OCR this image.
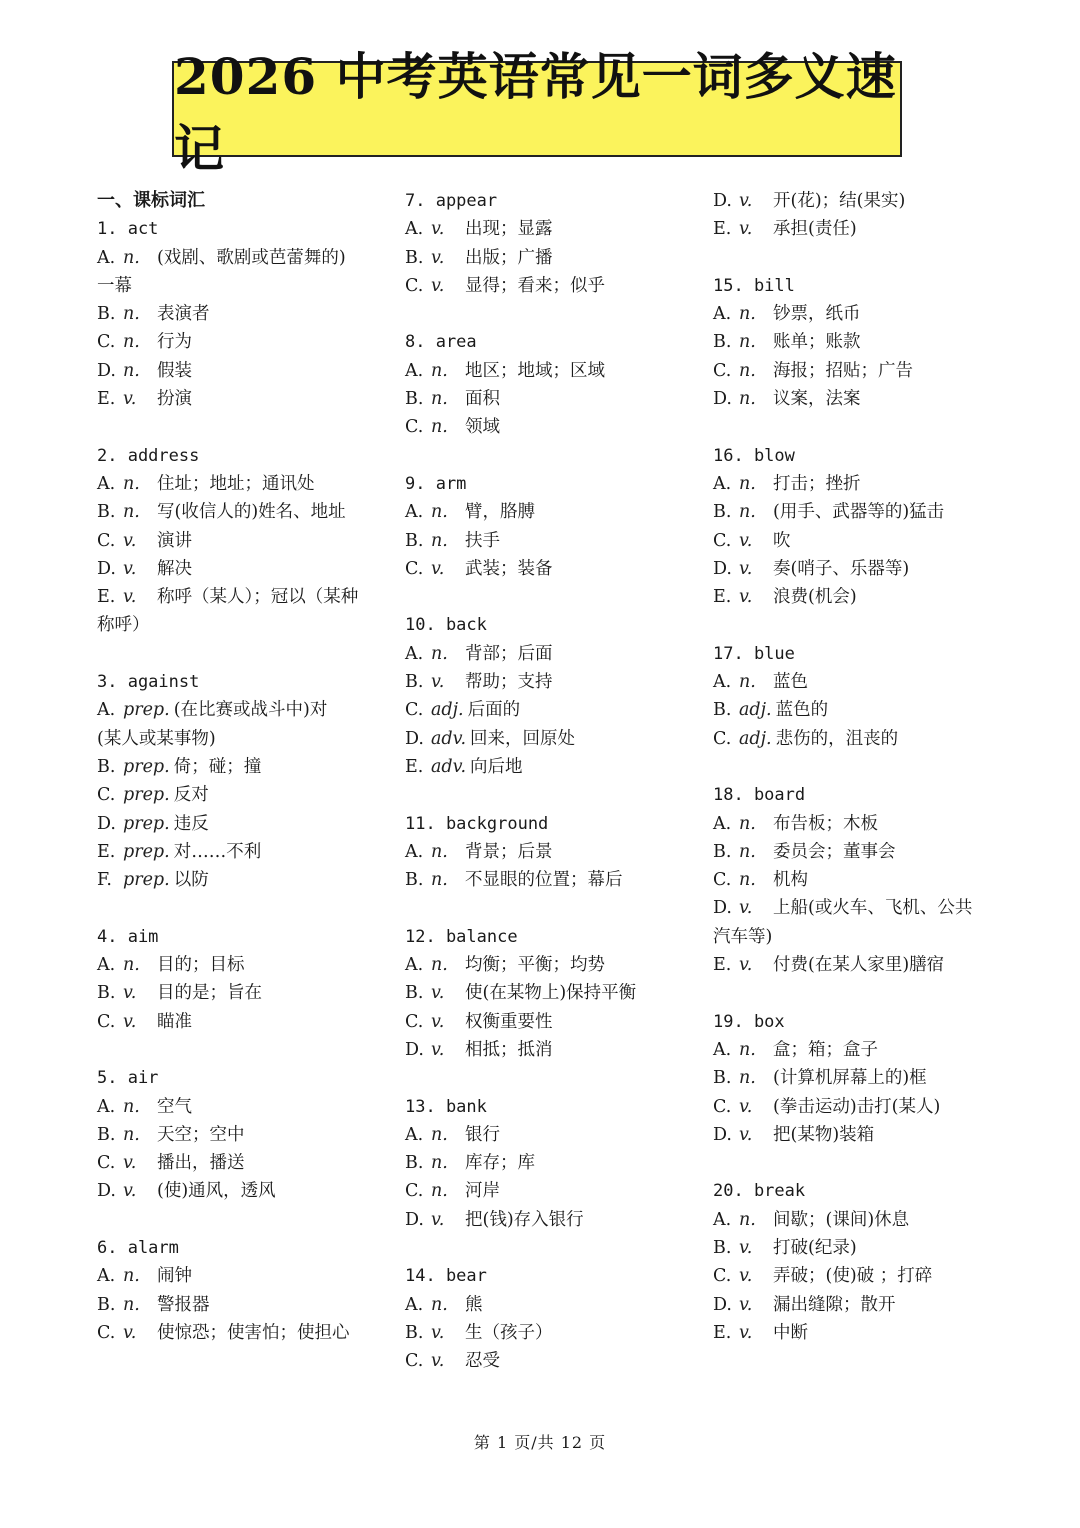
2026 中考英语常见一词多义速记
一、课标词汇
1. act
A. n. (戏剧、歌剧或芭蕾舞的)
一幕
B. n. 表演者
C. n. 行为
D. n. 假装
E. v. 扮演
2. address
A. n. 住址；地址；通讯处
B. n. 写(收信人的)姓名、地址
C. v. 演讲
D. v. 解决
E. v. 称呼（某人）；冠以（某种
称呼）
3. against
A. prep. (在比赛或战斗中)对
(某人或某事物)
B. prep. 倚；碰；撞
C. prep. 反对
D. prep. 违反
E. prep. 对……不利
F. prep. 以防
4. aim
A. n. 目的；目标
B. v. 目的是；旨在
C. v. 瞄准
5. air
A. n. 空气
B. n. 天空；空中
C. v. 播出，播送
D. v. (使)通风，透风
6. alarm
A. n. 闹钟
B. n. 警报器
C. v. 使惊恐；使害怕；使担心
7. appear
A. v. 出现；显露
B. v. 出版；广播
C. v. 显得；看来；似乎
8. area
A. n. 地区；地域；区域
B. n. 面积
C. n. 领域
9. arm
A. n. 臂，胳膊
B. n. 扶手
C. v. 武装；装备
10. back
A. n. 背部；后面
B. v. 帮助；支持
C. adj. 后面的
D. adv. 回来，回原处
E. adv. 向后地
11. background
A. n. 背景；后景
B. n. 不显眼的位置；幕后
12. balance
A. n. 均衡；平衡；均势
B. v. 使(在某物上)保持平衡
C. v. 权衡重要性
D. v. 相抵；抵消
13. bank
A. n. 银行
B. n. 库存；库
C. n. 河岸
D. v. 把(钱)存入银行
14. bear
A. n. 熊
B. v. 生（孩子）
C. v. 忍受
D. v. 开(花)；结(果实)
E. v. 承担(责任)
15. bill
A. n. 钞票，纸币
B. n. 账单；账款
C. n. 海报；招贴；广告
D. n. 议案，法案
16. blow
A. n. 打击；挫折
B. n. (用手、武器等的)猛击
C. v. 吹
D. v. 奏(哨子、乐器等)
E. v. 浪费(机会)
17. blue
A. n. 蓝色
B. adj. 蓝色的
C. adj. 悲伤的，沮丧的
18. board
A. n. 布告板；木板
B. n. 委员会；董事会
C. n. 机构
D. v. 上船(或火车、飞机、公共
汽车等)
E. v. 付费(在某人家里)膳宿
19. box
A. n. 盒；箱；盒子
B. n. (计算机屏幕上的)框
C. v. (拳击运动)击打(某人)
D. v. 把(某物)装箱
20. break
A. n. 间歇；(课间)休息
B. v. 打破(纪录)
C. v. 弄破；(使)破 ；打碎
D. v. 漏出缝隙；散开
E. v. 中断
第 1 页/共 12 页
